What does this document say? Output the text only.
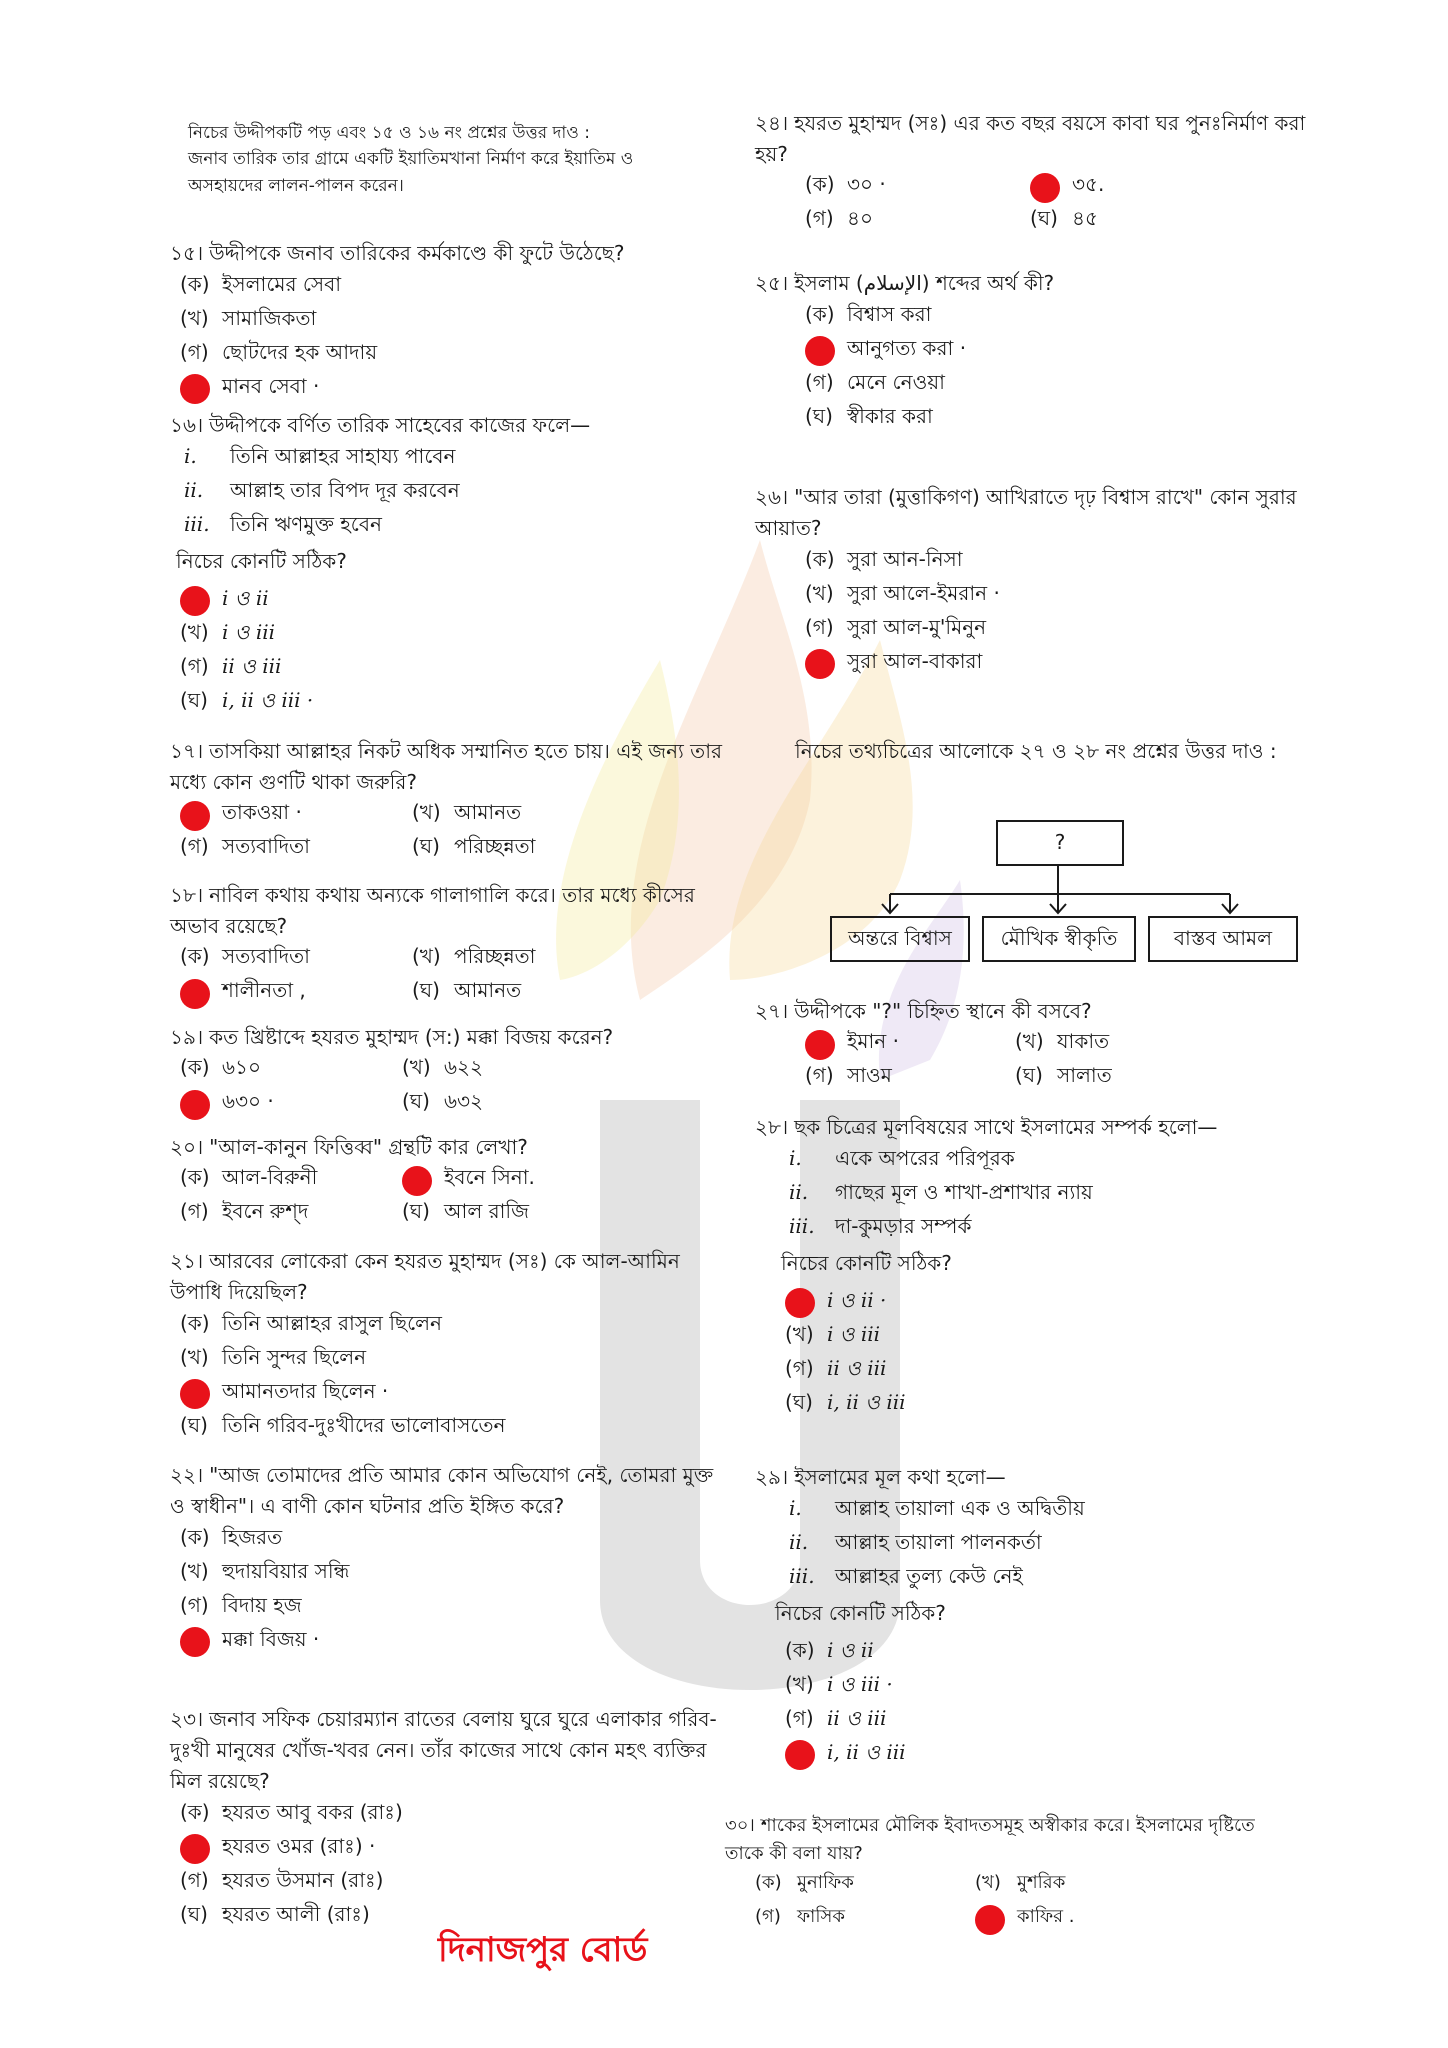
নিচের উদ্দীপকটি পড় এবং ১৫ ও ১৬ নং প্রশ্নের উত্তর দাও :
জনাব তারিক তার গ্রামে একটি ইয়াতিমখানা নির্মাণ করে ইয়াতিম ও অসহায়দের লালন-পালন করেন।
১৫। উদ্দীপকে জনাব তারিকের কর্মকাণ্ডে কী ফুটে উঠেছে?
(ক) ইসলামের সেবা
(খ) সামাজিকতা
(গ) ছোটদের হক আদায়
মানব সেবা ·
১৬। উদ্দীপকে বর্ণিত তারিক সাহেবের কাজের ফলে—
i. তিনি আল্লাহর সাহায্য পাবেন
ii. আল্লাহ তার বিপদ দূর করবেন
iii. তিনি ঋণমুক্ত হবেন
নিচের কোনটি সঠিক?
i ও ii
(খ) i ও iii
(গ) ii ও iii
(ঘ) i, ii ও iii ·
১৭। তাসকিয়া আল্লাহর নিকট অধিক সম্মানিত হতে চায়। এই জন্য তার মধ্যে কোন গুণটি থাকা জরুরি?
তাকওয়া ·	(খ) আমানত
(গ) সত্যবাদিতা	(ঘ) পরিচ্ছন্নতা
১৮। নাবিল কথায় কথায় অন্যকে গালাগালি করে। তার মধ্যে কীসের অভাব রয়েছে?
(ক) সত্যবাদিতা	(খ) পরিচ্ছন্নতা
শালীনতা ,	(ঘ) আমানত
১৯। কত খ্রিষ্টাব্দে হযরত মুহাম্মদ (স:) মক্কা বিজয় করেন?
(ক) ৬১০	(খ) ৬২২
৬৩০ ·	(ঘ) ৬৩২
২০। "আল-কানুন ফিত্তিব্ব" গ্রন্থটি কার লেখা?
(ক) আল-বিরুনী	ইবনে সিনা.
(গ) ইবনে রুশ্দ	(ঘ) আল রাজি
২১। আরবের লোকেরা কেন হযরত মুহাম্মদ (সঃ) কে আল-আমিন উপাধি দিয়েছিল?
(ক) তিনি আল্লাহর রাসুল ছিলেন
(খ) তিনি সুন্দর ছিলেন
আমানতদার ছিলেন ·
(ঘ) তিনি গরিব-দুঃখীদের ভালোবাসতেন
২২। "আজ তোমাদের প্রতি আমার কোন অভিযোগ নেই, তোমরা মুক্ত ও স্বাধীন"। এ বাণী কোন ঘটনার প্রতি ইঙ্গিত করে?
(ক) হিজরত
(খ) হুদায়বিয়ার সন্ধি
(গ) বিদায় হজ
মক্কা বিজয় ·
২৩। জনাব সফিক চেয়ারম্যান রাতের বেলায় ঘুরে ঘুরে এলাকার গরিব-দুঃখী মানুষের খোঁজ-খবর নেন। তাঁর কাজের সাথে কোন মহৎ ব্যক্তির মিল রয়েছে?
(ক) হযরত আবু বকর (রাঃ)
হযরত ওমর (রাঃ) ·
(গ) হযরত উসমান (রাঃ)
(ঘ) হযরত আলী (রাঃ)
২৪। হযরত মুহাম্মদ (সঃ) এর কত বছর বয়সে কাবা ঘর পুনঃনির্মাণ করা হয়?
(ক) ৩০ ·	৩৫.
(গ) ৪০	(ঘ) ৪৫
২৫। ইসলাম (الإسلام) শব্দের অর্থ কী?
(ক) বিশ্বাস করা
আনুগত্য করা ·
(গ) মেনে নেওয়া
(ঘ) স্বীকার করা
২৬। "আর তারা (মুত্তাকিগণ) আখিরাতে দৃঢ় বিশ্বাস রাখে" কোন সুরার আয়াত?
(ক) সুরা আন-নিসা
(খ) সুরা আলে-ইমরান ·
(গ) সুরা আল-মু'মিনুন
সুরা আল-বাকারা
নিচের তথ্যচিত্রের আলোকে ২৭ ও ২৮ নং প্রশ্নের উত্তর দাও :
?
অন্তরে বিশ্বাস	মৌখিক স্বীকৃতি	বাস্তব আমল
২৭। উদ্দীপকে "?" চিহ্নিত স্থানে কী বসবে?
ইমান ·	(খ) যাকাত
(গ) সাওম	(ঘ) সালাত
২৮। ছক চিত্রের মূলবিষয়ের সাথে ইসলামের সম্পর্ক হলো—
i. একে অপরের পরিপূরক
ii. গাছের মূল ও শাখা-প্রশাখার ন্যায়
iii. দা-কুমড়ার সম্পর্ক
নিচের কোনটি সঠিক?
i ও ii ·
(খ) i ও iii
(গ) ii ও iii
(ঘ) i, ii ও iii
২৯। ইসলামের মূল কথা হলো—
i. আল্লাহ তায়ালা এক ও অদ্বিতীয়
ii. আল্লাহ তায়ালা পালনকর্তা
iii. আল্লাহর তুল্য কেউ নেই
নিচের কোনটি সঠিক?
(ক) i ও ii
(খ) i ও iii ·
(গ) ii ও iii
i, ii ও iii
৩০। শাকের ইসলামের মৌলিক ইবাদতসমূহ অস্বীকার করে। ইসলামের দৃষ্টিতে তাকে কী বলা যায়?
(ক) মুনাফিক	(খ) মুশরিক
(গ) ফাসিক	কাফির .
দিনাজপুর বোর্ড
